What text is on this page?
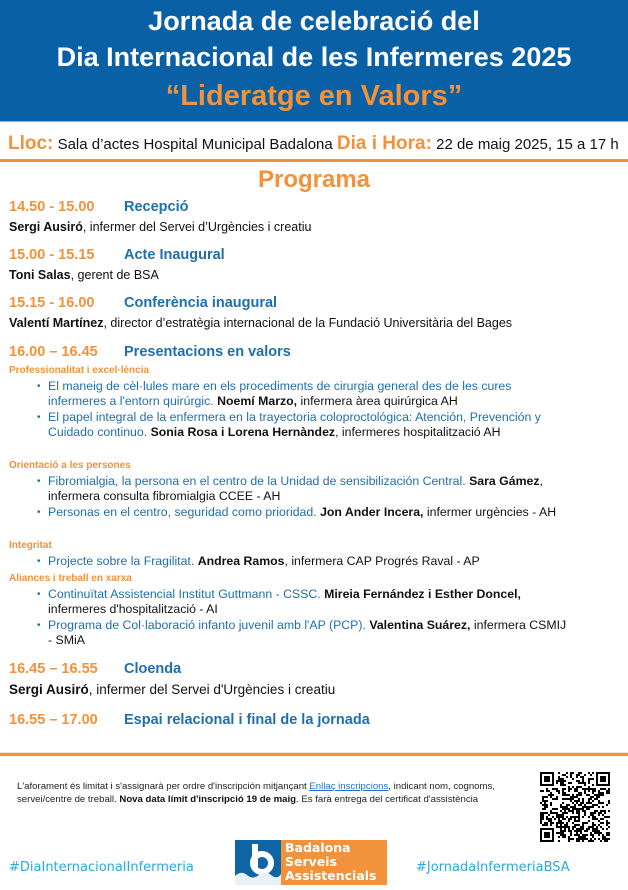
Jornada de celebració del
Dia Internacional de les Infermeres 2025
“Lideratge en Valors”
Lloc: Sala d’actes Hospital Municipal Badalona Dia i Hora: 22 de maig 2025, 15 a 17 h
Programa
14.50 - 15.00 Recepció
Sergi Ausiró, infermer del Servei d’Urgències i creatiu
15.00 - 15.15 Acte Inaugural
Toni Salas, gerent de BSA
15.15 - 16.00 Conferència inaugural
Valentí Martínez, director d’estratègia internacional de la Fundació Universitària del Bages
16.00 – 16.45 Presentacions en valors
Professionalitat i excel·lència
• El maneig de cèl·lules mare en els procediments de cirurgia general des de les cures infermeres a l'entorn quirúrgic. Noemí Marzo, infermera àrea quirúrgica AH
• El papel integral de la enfermera en la trayectoria coloproctológica: Atención, Prevención y Cuidado continuo. Sonia Rosa i Lorena Hernàndez, infermeres hospitalització AH
Orientació a les persones
• Fibromialgia, la persona en el centro de la Unidad de sensibilización Central. Sara Gámez, infermera consulta fibromialgia CCEE - AH
• Personas en el centro, seguridad como prioridad. Jon Ander Incera, infermer urgències - AH
Integritat
• Projecte sobre la Fragilitat. Andrea Ramos, infermera CAP Progrés Raval - AP
Aliances i treball en xarxa
• Continuïtat Assistencial Institut Guttmann - CSSC. Mireia Fernández i Esther Doncel, infermeres d'hospitalització - AI
• Programa de Col·laboració infanto juvenil amb l'AP (PCP). Valentina Suárez, infermera CSMIJ - SMiA
16.45 – 16.55 Cloenda
Sergi Ausiró, infermer del Servei d'Urgències i creatiu
16.55 – 17.00 Espai relacional i final de la jornada
L'aforament és limitat i s'assignarà per ordre d'inscripción mitjançant Enllaç inscripcions, indicant nom, cognoms, servei/centre de treball. Nova data límit d'inscripció 19 de maig. Es farà entrega del certificat d'assistència
#DiaInternacionalInfermeria
Badalona
Serveis
Assistencials
#JornadaInfermeriaBSA
